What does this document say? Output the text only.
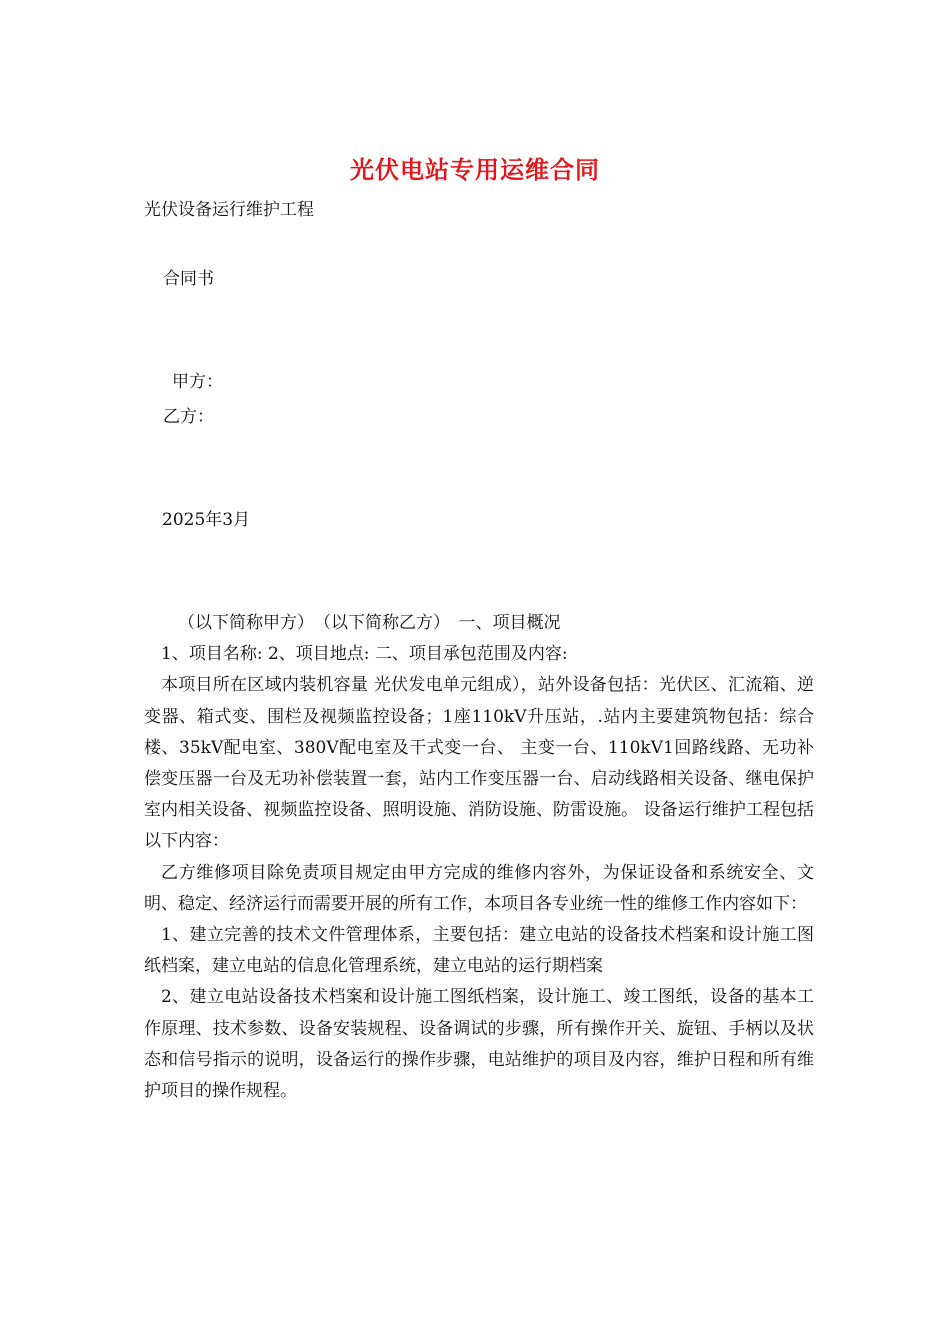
光伏电站专用运维合同
光伏设备运行维护工程
合同书
甲方：
乙方：
2025年3月

（以下简称甲方）　（以下简称乙方）　一、项目概况

1、项目名称: 2、项目地点: 二、项目承包范围及内容:

本项目所在区域内装机容量 光伏发电单元组成），站外设备包括：光伏区、汇流箱、逆变器、箱式变、围栏及视频监控设备；1座110kV升压站，.站内主要建筑物包括：综合楼、35kV配电室、380V配电室及干式变一台、 主变一台、110kV1回路线路、无功补偿变压器一台及无功补偿装置一套，站内工作变压器一台、启动线路相关设备、继电保护室内相关设备、视频监控设备、照明设施、消防设施、防雷设施。 设备运行维护工程包括以下内容：

乙方维修项目除免责项目规定由甲方完成的维修内容外，为保证设备和系统安全、文明、稳定、经济运行而需要开展的所有工作，本项目各专业统一性的维修工作内容如下：

1、建立完善的技术文件管理体系，主要包括：建立电站的设备技术档案和设计施工图纸档案，建立电站的信息化管理系统，建立电站的运行期档案

2、建立电站设备技术档案和设计施工图纸档案，设计施工、竣工图纸，设备的基本工作原理、技术参数、设备安装规程、设备调试的步骤，所有操作开关、旋钮、手柄以及状态和信号指示的说明，设备运行的操作步骤，电站维护的项目及内容，维护日程和所有维护项目的操作规程。
